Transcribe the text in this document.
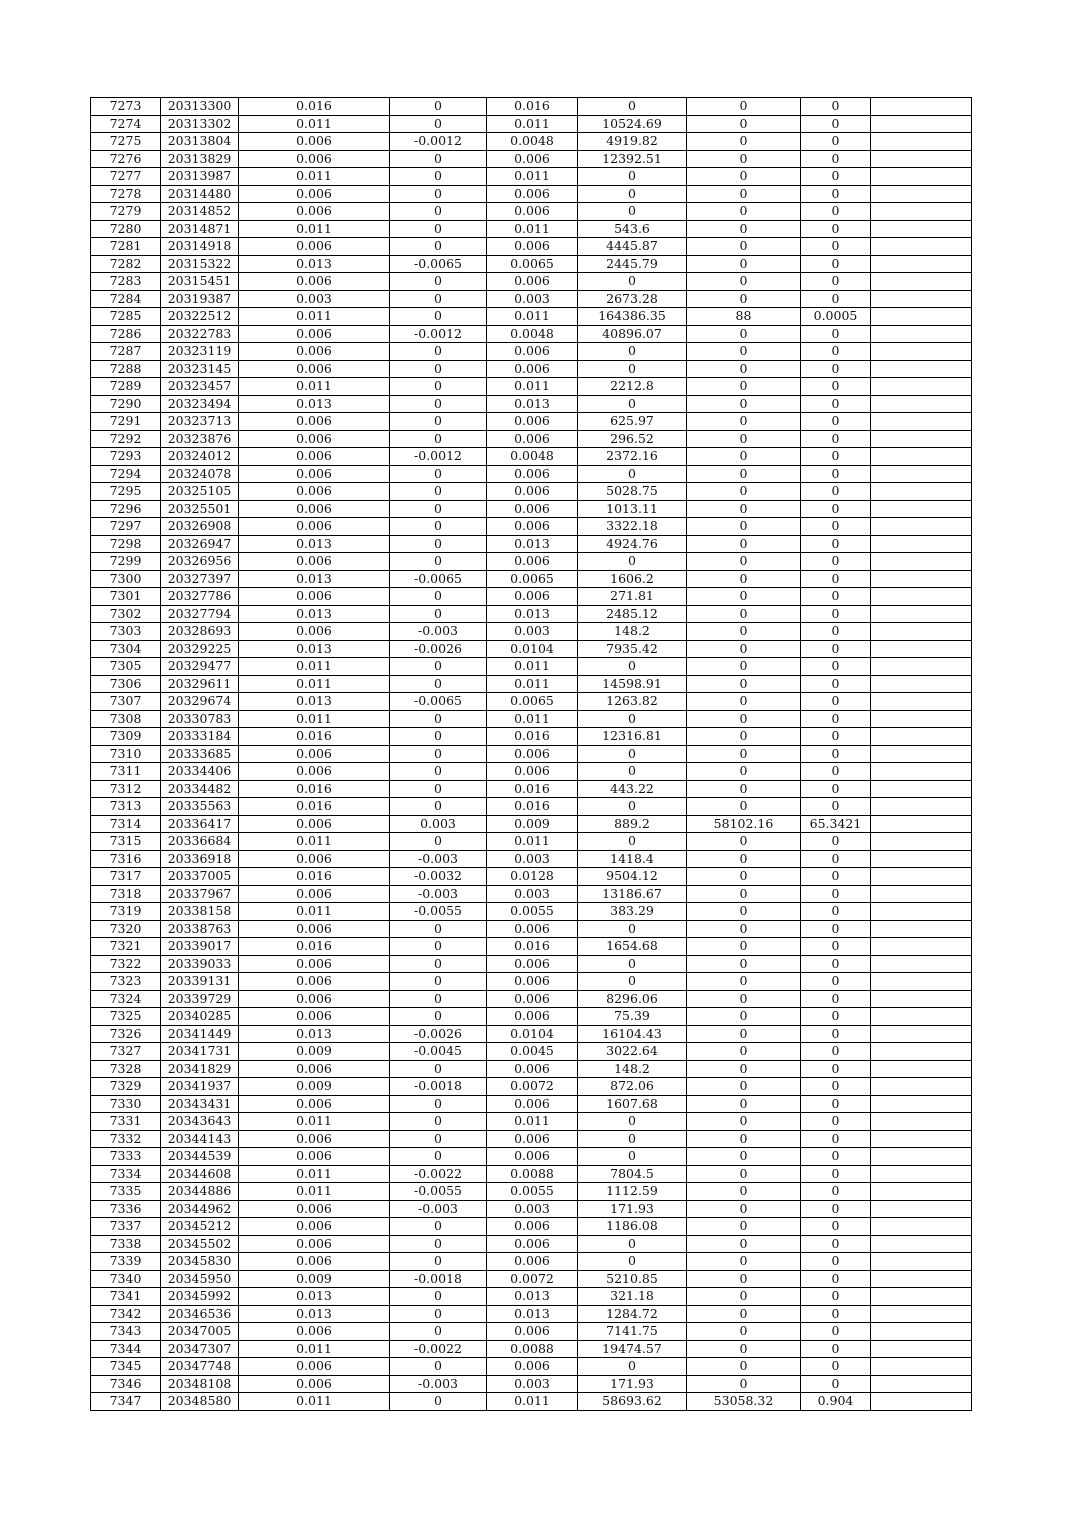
7273	20313300	0.016	0	0.016	0	0	0	
7274	20313302	0.011	0	0.011	10524.69	0	0	
7275	20313804	0.006	-0.0012	0.0048	4919.82	0	0	
7276	20313829	0.006	0	0.006	12392.51	0	0	
7277	20313987	0.011	0	0.011	0	0	0	
7278	20314480	0.006	0	0.006	0	0	0	
7279	20314852	0.006	0	0.006	0	0	0	
7280	20314871	0.011	0	0.011	543.6	0	0	
7281	20314918	0.006	0	0.006	4445.87	0	0	
7282	20315322	0.013	-0.0065	0.0065	2445.79	0	0	
7283	20315451	0.006	0	0.006	0	0	0	
7284	20319387	0.003	0	0.003	2673.28	0	0	
7285	20322512	0.011	0	0.011	164386.35	88	0.0005	
7286	20322783	0.006	-0.0012	0.0048	40896.07	0	0	
7287	20323119	0.006	0	0.006	0	0	0	
7288	20323145	0.006	0	0.006	0	0	0	
7289	20323457	0.011	0	0.011	2212.8	0	0	
7290	20323494	0.013	0	0.013	0	0	0	
7291	20323713	0.006	0	0.006	625.97	0	0	
7292	20323876	0.006	0	0.006	296.52	0	0	
7293	20324012	0.006	-0.0012	0.0048	2372.16	0	0	
7294	20324078	0.006	0	0.006	0	0	0	
7295	20325105	0.006	0	0.006	5028.75	0	0	
7296	20325501	0.006	0	0.006	1013.11	0	0	
7297	20326908	0.006	0	0.006	3322.18	0	0	
7298	20326947	0.013	0	0.013	4924.76	0	0	
7299	20326956	0.006	0	0.006	0	0	0	
7300	20327397	0.013	-0.0065	0.0065	1606.2	0	0	
7301	20327786	0.006	0	0.006	271.81	0	0	
7302	20327794	0.013	0	0.013	2485.12	0	0	
7303	20328693	0.006	-0.003	0.003	148.2	0	0	
7304	20329225	0.013	-0.0026	0.0104	7935.42	0	0	
7305	20329477	0.011	0	0.011	0	0	0	
7306	20329611	0.011	0	0.011	14598.91	0	0	
7307	20329674	0.013	-0.0065	0.0065	1263.82	0	0	
7308	20330783	0.011	0	0.011	0	0	0	
7309	20333184	0.016	0	0.016	12316.81	0	0	
7310	20333685	0.006	0	0.006	0	0	0	
7311	20334406	0.006	0	0.006	0	0	0	
7312	20334482	0.016	0	0.016	443.22	0	0	
7313	20335563	0.016	0	0.016	0	0	0	
7314	20336417	0.006	0.003	0.009	889.2	58102.16	65.3421	
7315	20336684	0.011	0	0.011	0	0	0	
7316	20336918	0.006	-0.003	0.003	1418.4	0	0	
7317	20337005	0.016	-0.0032	0.0128	9504.12	0	0	
7318	20337967	0.006	-0.003	0.003	13186.67	0	0	
7319	20338158	0.011	-0.0055	0.0055	383.29	0	0	
7320	20338763	0.006	0	0.006	0	0	0	
7321	20339017	0.016	0	0.016	1654.68	0	0	
7322	20339033	0.006	0	0.006	0	0	0	
7323	20339131	0.006	0	0.006	0	0	0	
7324	20339729	0.006	0	0.006	8296.06	0	0	
7325	20340285	0.006	0	0.006	75.39	0	0	
7326	20341449	0.013	-0.0026	0.0104	16104.43	0	0	
7327	20341731	0.009	-0.0045	0.0045	3022.64	0	0	
7328	20341829	0.006	0	0.006	148.2	0	0	
7329	20341937	0.009	-0.0018	0.0072	872.06	0	0	
7330	20343431	0.006	0	0.006	1607.68	0	0	
7331	20343643	0.011	0	0.011	0	0	0	
7332	20344143	0.006	0	0.006	0	0	0	
7333	20344539	0.006	0	0.006	0	0	0	
7334	20344608	0.011	-0.0022	0.0088	7804.5	0	0	
7335	20344886	0.011	-0.0055	0.0055	1112.59	0	0	
7336	20344962	0.006	-0.003	0.003	171.93	0	0	
7337	20345212	0.006	0	0.006	1186.08	0	0	
7338	20345502	0.006	0	0.006	0	0	0	
7339	20345830	0.006	0	0.006	0	0	0	
7340	20345950	0.009	-0.0018	0.0072	5210.85	0	0	
7341	20345992	0.013	0	0.013	321.18	0	0	
7342	20346536	0.013	0	0.013	1284.72	0	0	
7343	20347005	0.006	0	0.006	7141.75	0	0	
7344	20347307	0.011	-0.0022	0.0088	19474.57	0	0	
7345	20347748	0.006	0	0.006	0	0	0	
7346	20348108	0.006	-0.003	0.003	171.93	0	0	
7347	20348580	0.011	0	0.011	58693.62	53058.32	0.904	
